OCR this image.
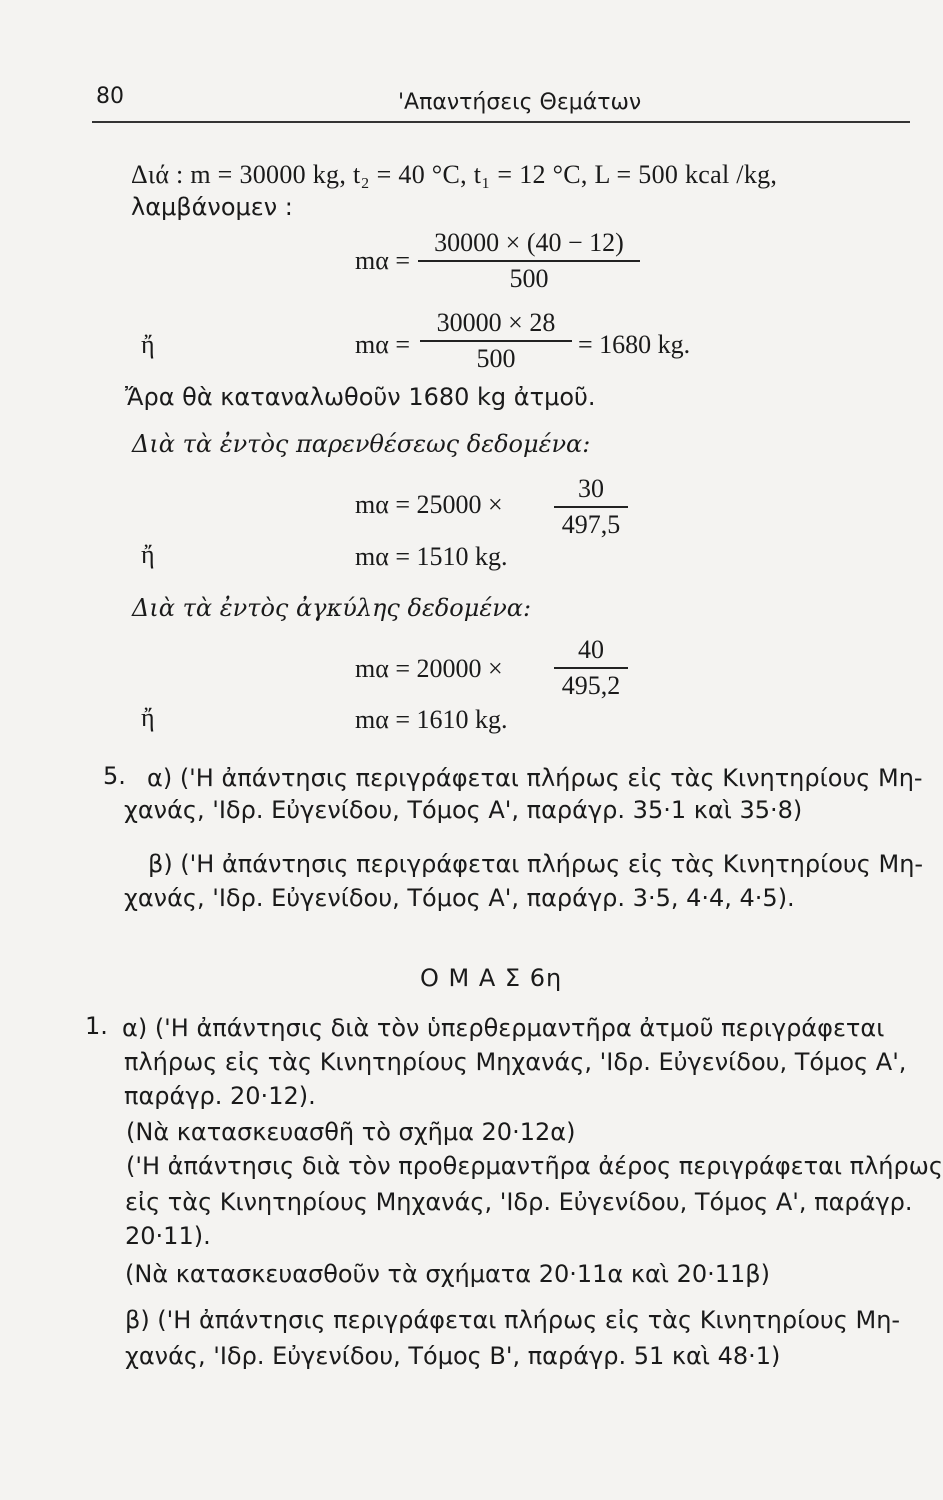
80	'Απαντήσεις Θεμάτων
Διά : m = 30000 kg, t₂ = 40 °C, t₁ = 12 °C, L = 500 kcal /kg,
λαμβάνομεν :
mα =
30000 × (40 − 12)
500
ἤ	mα =
30000 × 28
500	= 1680 kg.
Ἄρα θὰ καταναλωθοῦν 1680 kg ἀτμοῦ.
Διὰ τὰ ἐντὸς παρενθέσεως δεδομένα:
mα = 25000 ×
30
497,5
ἤ	mα = 1510 kg.
Διὰ τὰ ἐντὸς ἀγκύλης δεδομένα:
mα = 20000 ×
40
495,2
ἤ	mα = 1610 kg.
5. α) ('Η ἀπάντησις περιγράφεται πλήρως εἰς τὰς Κινητηρίους Μη-
χανάς, 'Ιδρ. Εὐγενίδου, Τόμος Α', παράγρ. 35·1 καὶ 35·8)
β) ('Η ἀπάντησις περιγράφεται πλήρως εἰς τὰς Κινητηρίους Μη-
χανάς, 'Ιδρ. Εὐγενίδου, Τόμος Α', παράγρ. 3·5, 4·4, 4·5).
Ο Μ Α Σ 6η
1. α) ('Η ἀπάντησις διὰ τὸν ὑπερθερμαντῆρα ἀτμοῦ περιγράφεται
πλήρως εἰς τὰς Κινητηρίους Μηχανάς, 'Ιδρ. Εὐγενίδου, Τόμος Α',
παράγρ. 20·12).
(Νὰ κατασκευασθῆ τὸ σχῆμα 20·12α)
('Η ἀπάντησις διὰ τὸν προθερμαντῆρα ἀέρος περιγράφεται πλήρως
εἰς τὰς Κινητηρίους Μηχανάς, 'Ιδρ. Εὐγενίδου, Τόμος Α', παράγρ.
20·11).
(Νὰ κατασκευασθοῦν τὰ σχήματα 20·11α καὶ 20·11β)
β) ('Η ἀπάντησις περιγράφεται πλήρως εἰς τὰς Κινητηρίους Μη-
χανάς, 'Ιδρ. Εὐγενίδου, Τόμος Β', παράγρ. 51 καὶ 48·1)
